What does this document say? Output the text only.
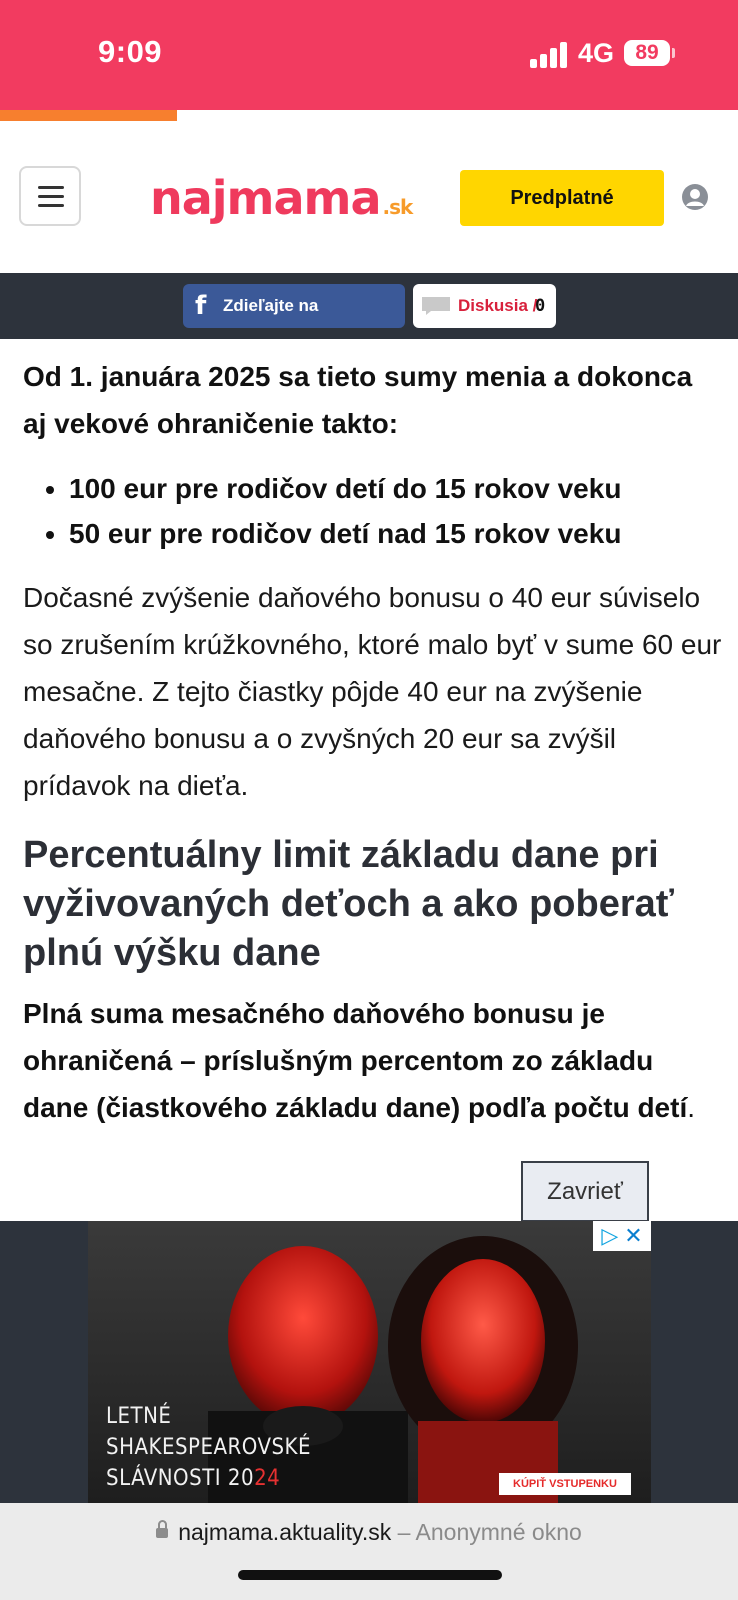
9:09	4G	89
najmama .sk	Predplatné
f Zdieľajte na Facebooku
Diskusia /
0

Od 1. januára 2025 sa tieto sumy menia a dokonca aj vekové ohraničenie takto:

• 100 eur pre rodičov detí do 15 rokov veku
• 50 eur pre rodičov detí nad 15 rokov veku

Dočasné zvýšenie daňového bonusu o 40 eur súviselo so zrušením krúžkovného, ktoré malo byť v sume 60 eur mesačne. Z tejto čiastky pôjde 40 eur na zvýšenie daňového bonusu a o zvyšných 20 eur sa zvýšil prídavok na dieťa.

Percentuálny limit základu dane pri vyživovaných deťoch a ako poberať plnú výšku dane

Plná suma mesačného daňového bonusu je ohraničená – príslušným percentom zo základu dane (čiastkového základu dane) podľa počtu detí.

Zavrieť
▷ ✕
LETNÉ
SHAKESPEAROVSKÉ
SLÁVNOSTI 2024	KÚPIŤ VSTUPENKU
najmama.aktuality.sk – Anonymné okno
